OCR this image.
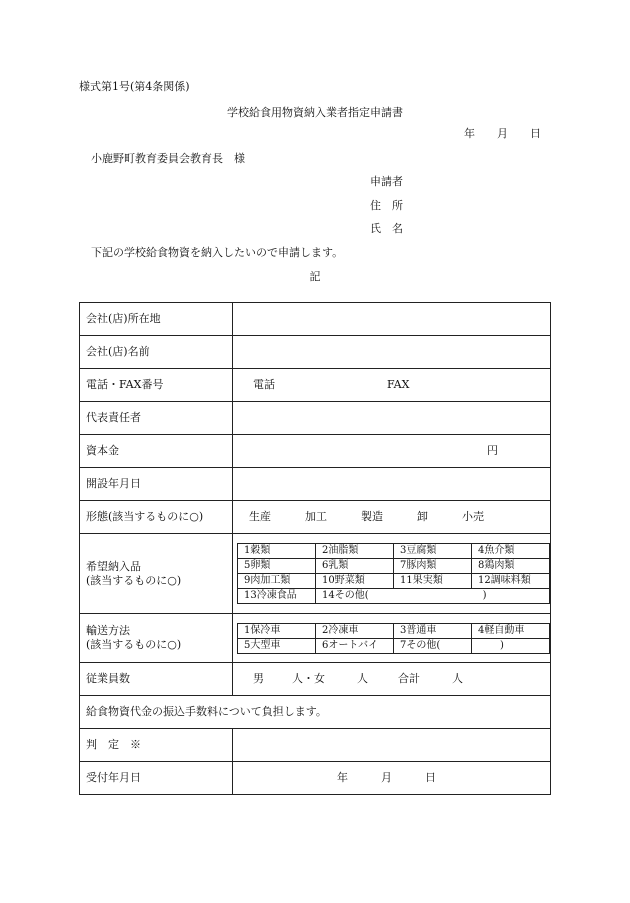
様式第1号(第4条関係)
学校給食用物資納入業者指定申請書
年　　月　　日
小鹿野町教育委員会教育長　様
申請者
住　所
氏　名
下記の学校給食物資を納入したいので申請します。
記
会社(店)所在地	
会社(店)名前	
電話・FAX番号	電話	FAX
代表責任者	
資本金	円
開設年月日	
形態(該当するものに○)	生産	加工	製造	卸	小売

希望納入品
(該当するものに○)

1穀類	2油脂類	3豆腐類	4魚介類
5卵類	6乳類	7豚肉類	8鶏肉類
9肉加工類	10野菜類	11果実類	12調味料類
13冷凍食品	14その他(	)

輸送方法
(該当するものに○)

1保冷車	2冷凍車	3普通車	4軽自動車
5大型車	6オートバイ	7その他(	)

従業員数	男	人・女	人	合計	人
給食物資代金の振込手数料について負担します。
判　定　※	
受付年月日	年　　　月　　　日
